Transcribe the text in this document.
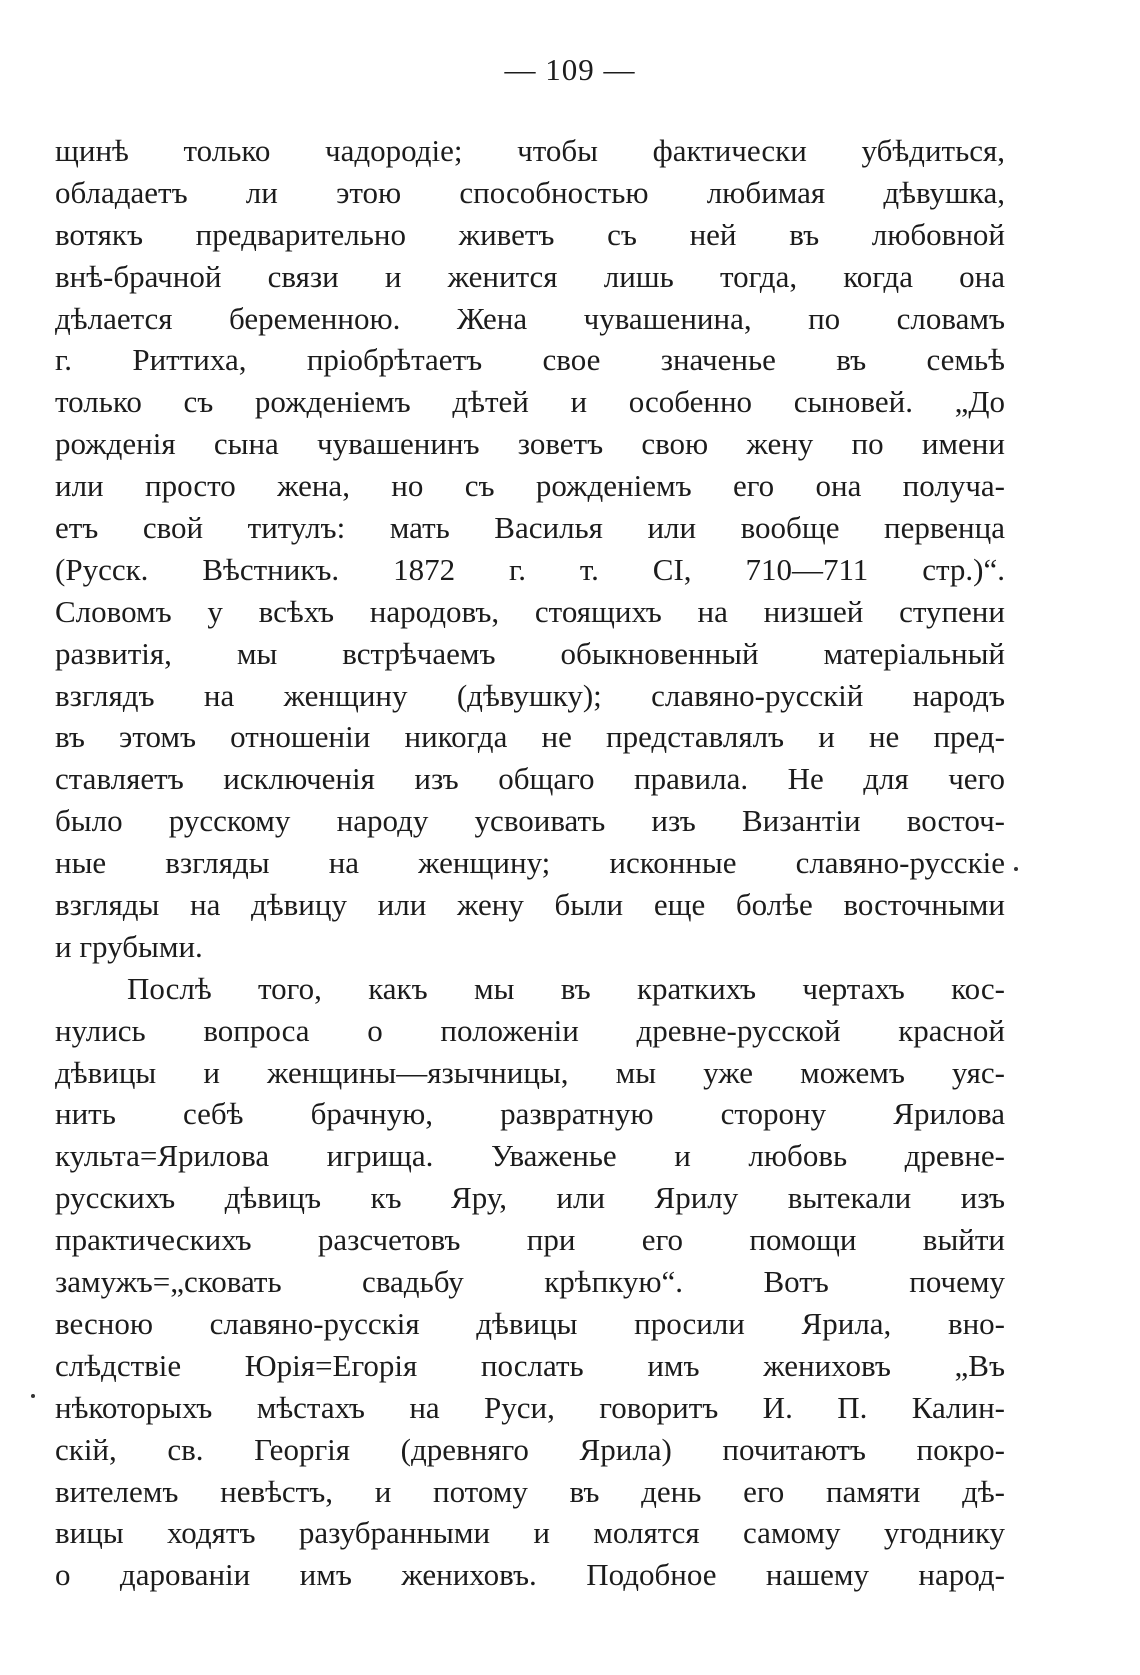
— 109 —
щинѣ только чадородіе; чтобы фактически убѣдиться,
обладаетъ ли этою способностью любимая дѣвушка,
вотякъ предварительно живетъ съ ней въ любовной
внѣ-брачной связи и женится лишь тогда, когда она
дѣлается беременною. Жена чувашенина, по словамъ
г. Риттиха, пріобрѣтаетъ свое значенье въ семьѣ
только съ рожденіемъ дѣтей и особенно сыновей. „До
рожденія сына чувашенинъ зоветъ свою жену по имени
или просто жена, но съ рожденіемъ его она получа-
етъ свой титулъ: мать Василья или вообще первенца
(Русск. Вѣстникъ. 1872 г. т. CI, 710—711 стр.)“.
Словомъ у всѣхъ народовъ, стоящихъ на низшей ступени
развитія, мы встрѣчаемъ обыкновенный матеріальный
взглядъ на женщину (дѣвушку); славяно-русскій народъ
въ этомъ отношеніи никогда не представлялъ и не пред-
ставляетъ исключенія изъ общаго правила. Не для чего
было русскому народу усвоивать изъ Византіи восточ-
ные взгляды на женщину; исконные славяно-русскіе
взгляды на дѣвицу или жену были еще болѣе восточными
и грубыми.
Послѣ того, какъ мы въ краткихъ чертахъ кос-
нулись вопроса о положеніи древне-русской красной
дѣвицы и женщины—язычницы, мы уже можемъ уяс-
нить себѣ брачную, развратную сторону Ярилова
культа=Ярилова игрища. Уваженье и любовь древне-
русскихъ дѣвицъ къ Яру, или Ярилу вытекали изъ
практическихъ разсчетовъ при его помощи выйти
замужъ=„сковать свадьбу крѣпкую“. Вотъ почему
весною славяно-русскія дѣвицы просили Ярила, вно-
слѣдствіе Юрія=Егорія послать имъ жениховъ „Въ
нѣкоторыхъ мѣстахъ на Руси, говоритъ И. П. Калин-
скій, св. Георгія (древняго Ярила) почитаютъ покро-
вителемъ невѣстъ, и потому въ день его памяти дѣ-
вицы ходятъ разубранными и молятся самому угоднику
о дарованіи имъ жениховъ. Подобное нашему народ-
